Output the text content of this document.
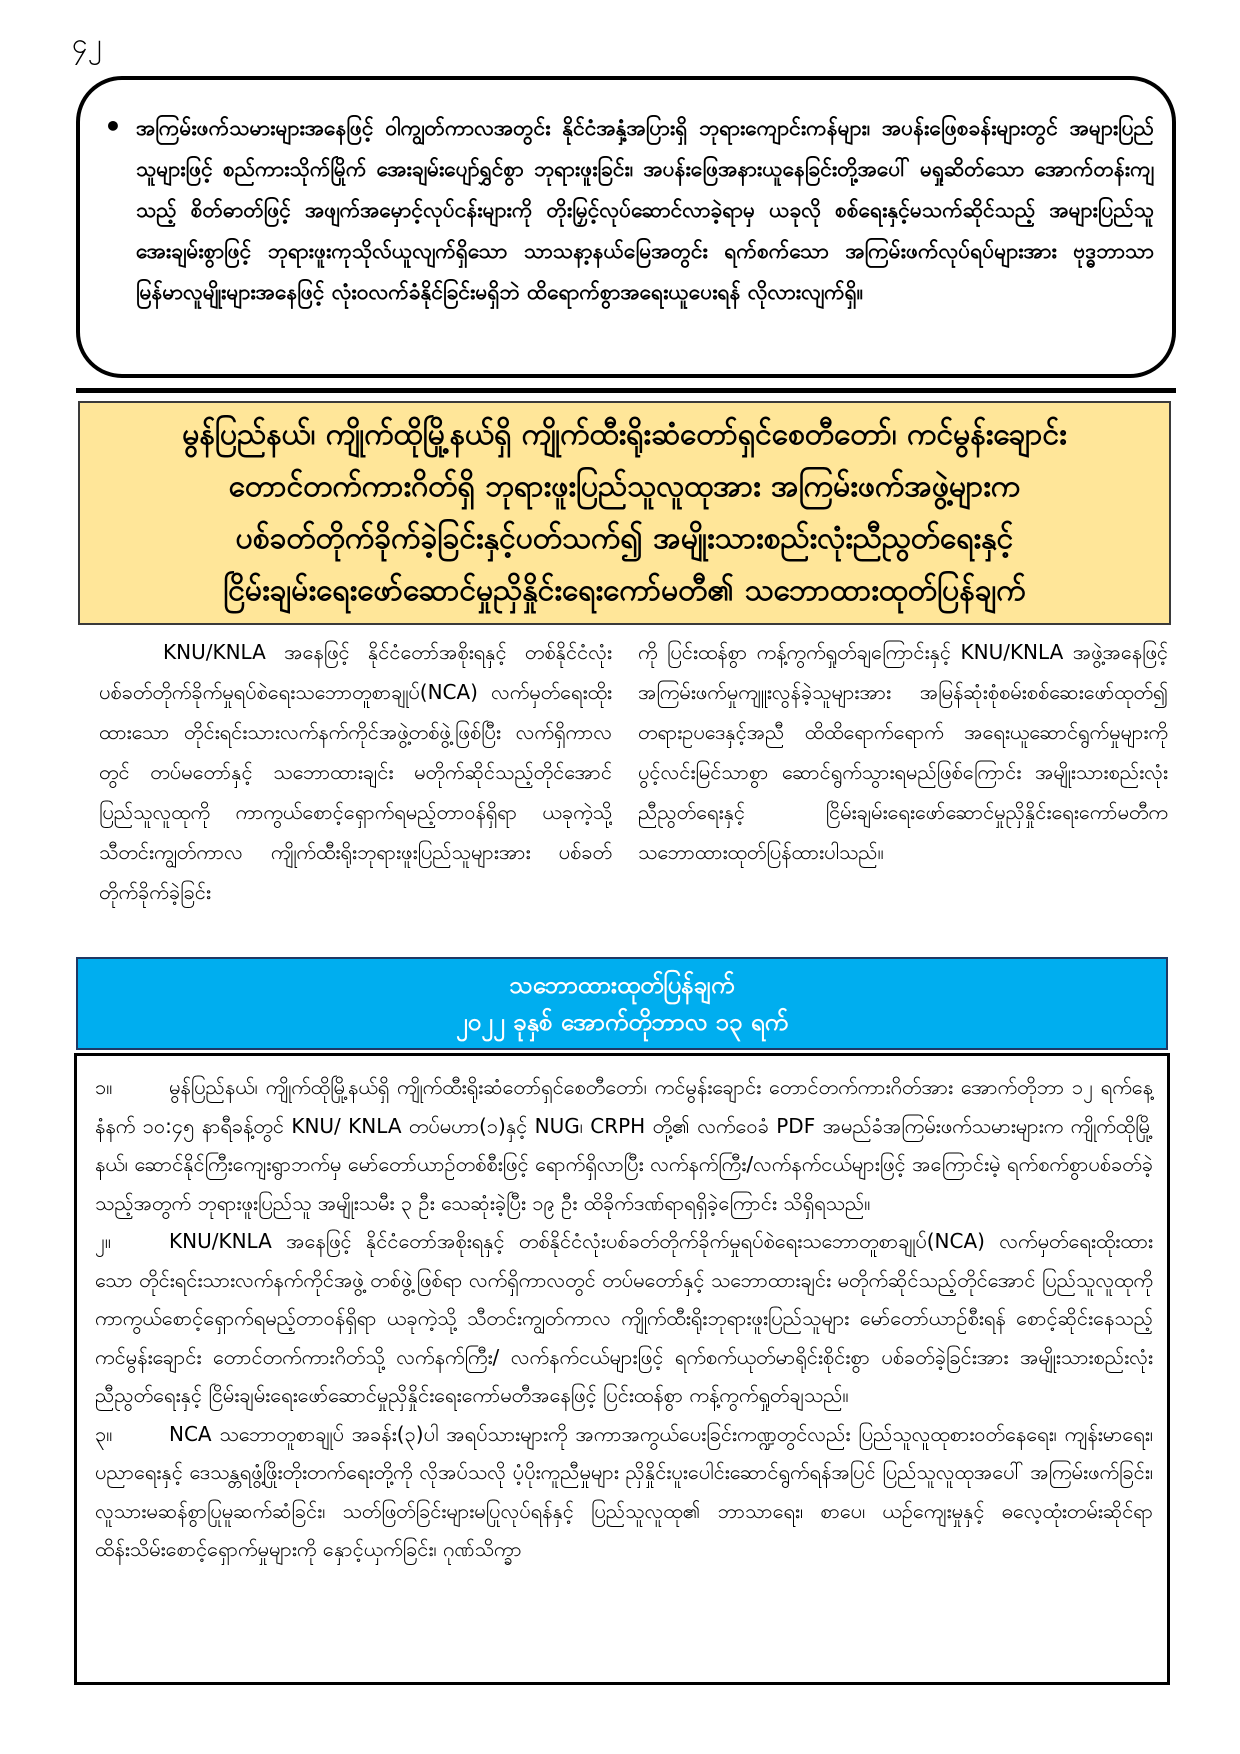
၄၂
• အကြမ်းဖက်သမားများအနေဖြင့် ဝါကျွတ်ကာလအတွင်း နိုင်ငံအနှံ့အပြားရှိ ဘုရားကျောင်းကန်များ၊ အပန်းဖြေစခန်းများတွင် အများပြည်သူများဖြင့် စည်ကားသိုက်မြိုက် အေးချမ်းပျော်ရွှင်စွာ ဘုရားဖူးခြင်း၊ အပန်းဖြေအနားယူနေခြင်းတို့အပေါ် မရှုဆိတ်သော အောက်တန်းကျသည့် စိတ်ဓာတ်ဖြင့် အဖျက်အမှောင့်လုပ်ငန်းများကို တိုးမြှင့်လုပ်ဆောင်လာခဲ့ရာမှ ယခုလို စစ်ရေးနှင့်မသက်ဆိုင်သည့် အများပြည်သူအေးချမ်းစွာဖြင့် ဘုရားဖူးကုသိုလ်ယူလျက်ရှိသော သာသနာ့နယ်မြေအတွင်း ရက်စက်သော အကြမ်းဖက်လုပ်ရပ်များအား ဗုဒ္ဓဘာသာမြန်မာလူမျိုးများအနေဖြင့် လုံးဝလက်ခံနိုင်ခြင်းမရှိဘဲ ထိရောက်စွာအရေးယူပေးရန် လိုလားလျက်ရှိ။
မွန်ပြည်နယ်၊ ကျိုက်ထိုမြို့နယ်ရှိ ကျိုက်ထီးရိုးဆံတော်ရှင်စေတီတော်၊ ကင်မွန်းချောင်း
တောင်တက်ကားဂိတ်ရှိ ဘုရားဖူးပြည်သူလူထုအား အကြမ်းဖက်အဖွဲ့များက
ပစ်ခတ်တိုက်ခိုက်ခဲ့ခြင်းနှင့်ပတ်သက်၍ အမျိုးသားစည်းလုံးညီညွတ်ရေးနှင့်
ငြိမ်းချမ်းရေးဖော်ဆောင်မှုညှိနှိုင်းရေးကော်မတီ၏ သဘောထားထုတ်ပြန်ချက်
KNU/KNLA အနေဖြင့် နိုင်ငံတော်အစိုးရနှင့် တစ်နိုင်ငံလုံးပစ်ခတ်တိုက်ခိုက်မှုရပ်စဲရေးသဘောတူစာချုပ်(NCA) လက်မှတ်ရေးထိုးထားသော တိုင်းရင်းသားလက်နက်ကိုင်အဖွဲ့တစ်ဖွဲ့ဖြစ်ပြီး လက်ရှိကာလတွင် တပ်မတော်နှင့် သဘောထားချင်း မတိုက်ဆိုင်သည့်တိုင်အောင် ပြည်သူလူထုကို ကာကွယ်စောင့်ရှောက်ရမည့်တာဝန်ရှိရာ ယခုကဲ့သို့ သီတင်းကျွတ်ကာလ ကျိုက်ထီးရိုးဘုရားဖူးပြည်သူများအား ပစ်ခတ်တိုက်ခိုက်ခဲ့ခြင်း
ကို ပြင်းထန်စွာ ကန့်ကွက်ရှုတ်ချကြောင်းနှင့် KNU/KNLA အဖွဲ့အနေဖြင့် အကြမ်းဖက်မှုကျူးလွန်ခဲ့သူများအား အမြန်ဆုံးစုံစမ်းစစ်ဆေးဖော်ထုတ်၍ တရားဥပဒေနှင့်အညီ ထိထိရောက်ရောက် အရေးယူဆောင်ရွက်မှုများကို ပွင့်လင်းမြင်သာစွာ ဆောင်ရွက်သွားရမည်ဖြစ်ကြောင်း အမျိုးသားစည်းလုံးညီညွတ်ရေးနှင့် ငြိမ်းချမ်းရေးဖော်ဆောင်မှုညှိနှိုင်းရေးကော်မတီက သဘောထားထုတ်ပြန်ထားပါသည်။
သဘောထားထုတ်ပြန်ချက်
၂၀၂၂ ခုနှစ် အောက်တိုဘာလ ၁၃ ရက်

၁။	မွန်ပြည်နယ်၊ ကျိုက်ထိုမြို့နယ်ရှိ ကျိုက်ထီးရိုးဆံတော်ရှင်စေတီတော်၊ ကင်မွန်းချောင်း တောင်တက်ကားဂိတ်အား အောက်တိုဘာ ၁၂ ရက်နေ့ နံနက် ၁၀:၄၅ နာရီခန့်တွင် KNU/ KNLA တပ်မဟာ(၁)နှင့် NUG၊ CRPH တို့၏ လက်ဝေခံ PDF အမည်ခံအကြမ်းဖက်သမားများက ကျိုက်ထိုမြို့နယ်၊ ဆောင်နိုင်ကြီးကျေးရွာဘက်မှ မော်တော်ယာဉ်တစ်စီးဖြင့် ရောက်ရှိလာပြီး လက်နက်ကြီး/လက်နက်ငယ်များဖြင့် အကြောင်းမဲ့ ရက်စက်စွာပစ်ခတ်ခဲ့သည့်အတွက် ဘုရားဖူးပြည်သူ အမျိုးသမီး ၃ ဦး သေဆုံးခဲ့ပြီး ၁၉ ဦး ထိခိုက်ဒဏ်ရာရရှိခဲ့ကြောင်း သိရှိရသည်။

၂။	KNU/KNLA အနေဖြင့် နိုင်ငံတော်အစိုးရနှင့် တစ်နိုင်ငံလုံးပစ်ခတ်တိုက်ခိုက်မှုရပ်စဲရေးသဘောတူစာချုပ်(NCA) လက်မှတ်ရေးထိုးထားသော တိုင်းရင်းသားလက်နက်ကိုင်အဖွဲ့ တစ်ဖွဲ့ဖြစ်ရာ လက်ရှိကာလတွင် တပ်မတော်နှင့် သဘောထားချင်း မတိုက်ဆိုင်သည့်တိုင်အောင် ပြည်သူလူထုကို ကာကွယ်စောင့်ရှောက်ရမည့်တာဝန်ရှိရာ ယခုကဲ့သို့ သီတင်းကျွတ်ကာလ ကျိုက်ထီးရိုးဘုရားဖူးပြည်သူများ မော်တော်ယာဉ်စီးရန် စောင့်ဆိုင်းနေသည့် ကင်မွန်းချောင်း တောင်တက်ကားဂိတ်သို့ လက်နက်ကြီး/ လက်နက်ငယ်များဖြင့် ရက်စက်ယုတ်မာရိုင်းစိုင်းစွာ ပစ်ခတ်ခဲ့ခြင်းအား အမျိုးသားစည်းလုံးညီညွတ်ရေးနှင့် ငြိမ်းချမ်းရေးဖော်ဆောင်မှုညှိနှိုင်းရေးကော်မတီအနေဖြင့် ပြင်းထန်စွာ ကန့်ကွက်ရှုတ်ချသည်။

၃။	NCA သဘောတူစာချုပ် အခန်း(၃)ပါ အရပ်သားများကို အကာအကွယ်ပေးခြင်းကဏ္ဍတွင်လည်း ပြည်သူလူထုစားဝတ်နေရေး၊ ကျန်းမာရေး၊ ပညာရေးနှင့် ဒေသန္တရဖွံ့ဖြိုးတိုးတက်ရေးတို့ကို လိုအပ်သလို ပံ့ပိုးကူညီမှုများ ညှိနှိုင်းပူးပေါင်းဆောင်ရွက်ရန်အပြင် ပြည်သူလူထုအပေါ် အကြမ်းဖက်ခြင်း၊ လူသားမဆန်စွာပြုမူဆက်ဆံခြင်း၊ သတ်ဖြတ်ခြင်းများမပြုလုပ်ရန်နှင့် ပြည်သူလူထု၏ ဘာသာရေး၊ စာပေ၊ ယဉ်ကျေးမှုနှင့် ဓလေ့ထုံးတမ်းဆိုင်ရာ ထိန်းသိမ်းစောင့်ရှောက်မှုများကို နှောင့်ယှက်ခြင်း၊ ဂုဏ်သိက္ခာ
